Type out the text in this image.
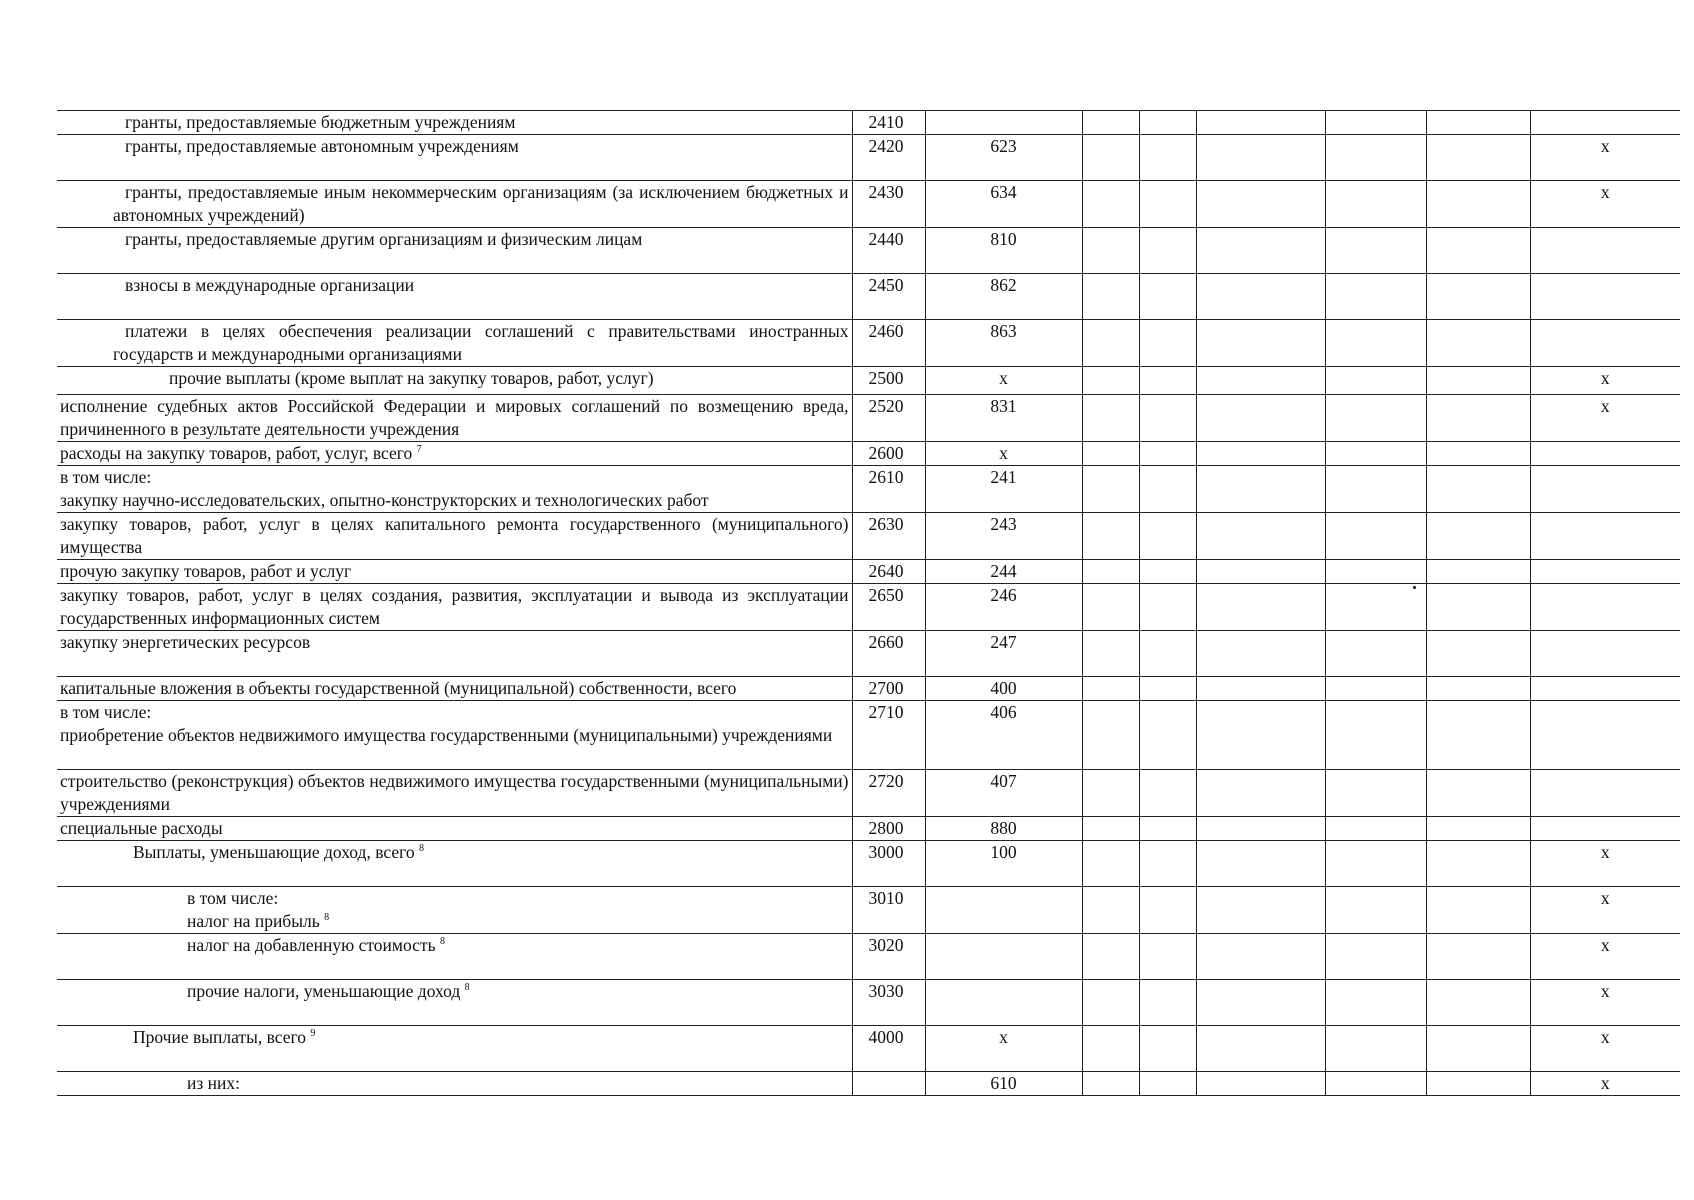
гранты, предоставляемые бюджетным учреждениям	2410							
гранты, предоставляемые автономным учреждениям	2420	623						x
гранты, предоставляемые иным некоммерческим организациям (за исключением бюджетных и автономных учреждений)	2430	634						x
гранты, предоставляемые другим организациям и физическим лицам	2440	810						
взносы в международные организации	2450	862						
платежи в целях обеспечения реализации соглашений с правительствами иностранных государств и международными организациями	2460	863						
прочие выплаты (кроме выплат на закупку товаров, работ, услуг)	2500	x						x
исполнение судебных актов Российской Федерации и мировых соглашений по возмещению вреда, причиненного в результате деятельности учреждения	2520	831						x
расходы на закупку товаров, работ, услуг, всего $^7$	2600	x						
в том числе:
закупку научно-исследовательских, опытно-конструкторских и технологических работ	2610	241						
закупку товаров, работ, услуг в целях капитального ремонта государственного (муниципального) имущества	2630	243						
прочую закупку товаров, работ и услуг	2640	244						
закупку товаров, работ, услуг в целях создания, развития, эксплуатации и вывода из эксплуатации государственных информационных систем	2650	246						
закупку энергетических ресурсов	2660	247						
капитальные вложения в объекты государственной (муниципальной) собственности, всего	2700	400						
в том числе:
приобретение объектов недвижимого имущества государственными (муниципальными) учреждениями	2710	406						
строительство (реконструкция) объектов недвижимого имущества государственными (муниципальными) учреждениями	2720	407						
специальные расходы	2800	880						
Выплаты, уменьшающие доход, всего $^8$	3000	100						x
в том числе:
налог на прибыль $^8$	3010							x
налог на добавленную стоимость $^8$	3020							x
прочие налоги, уменьшающие доход $^8$	3030							x
Прочие выплаты, всего $^9$	4000	x						x
из них:		610						x
